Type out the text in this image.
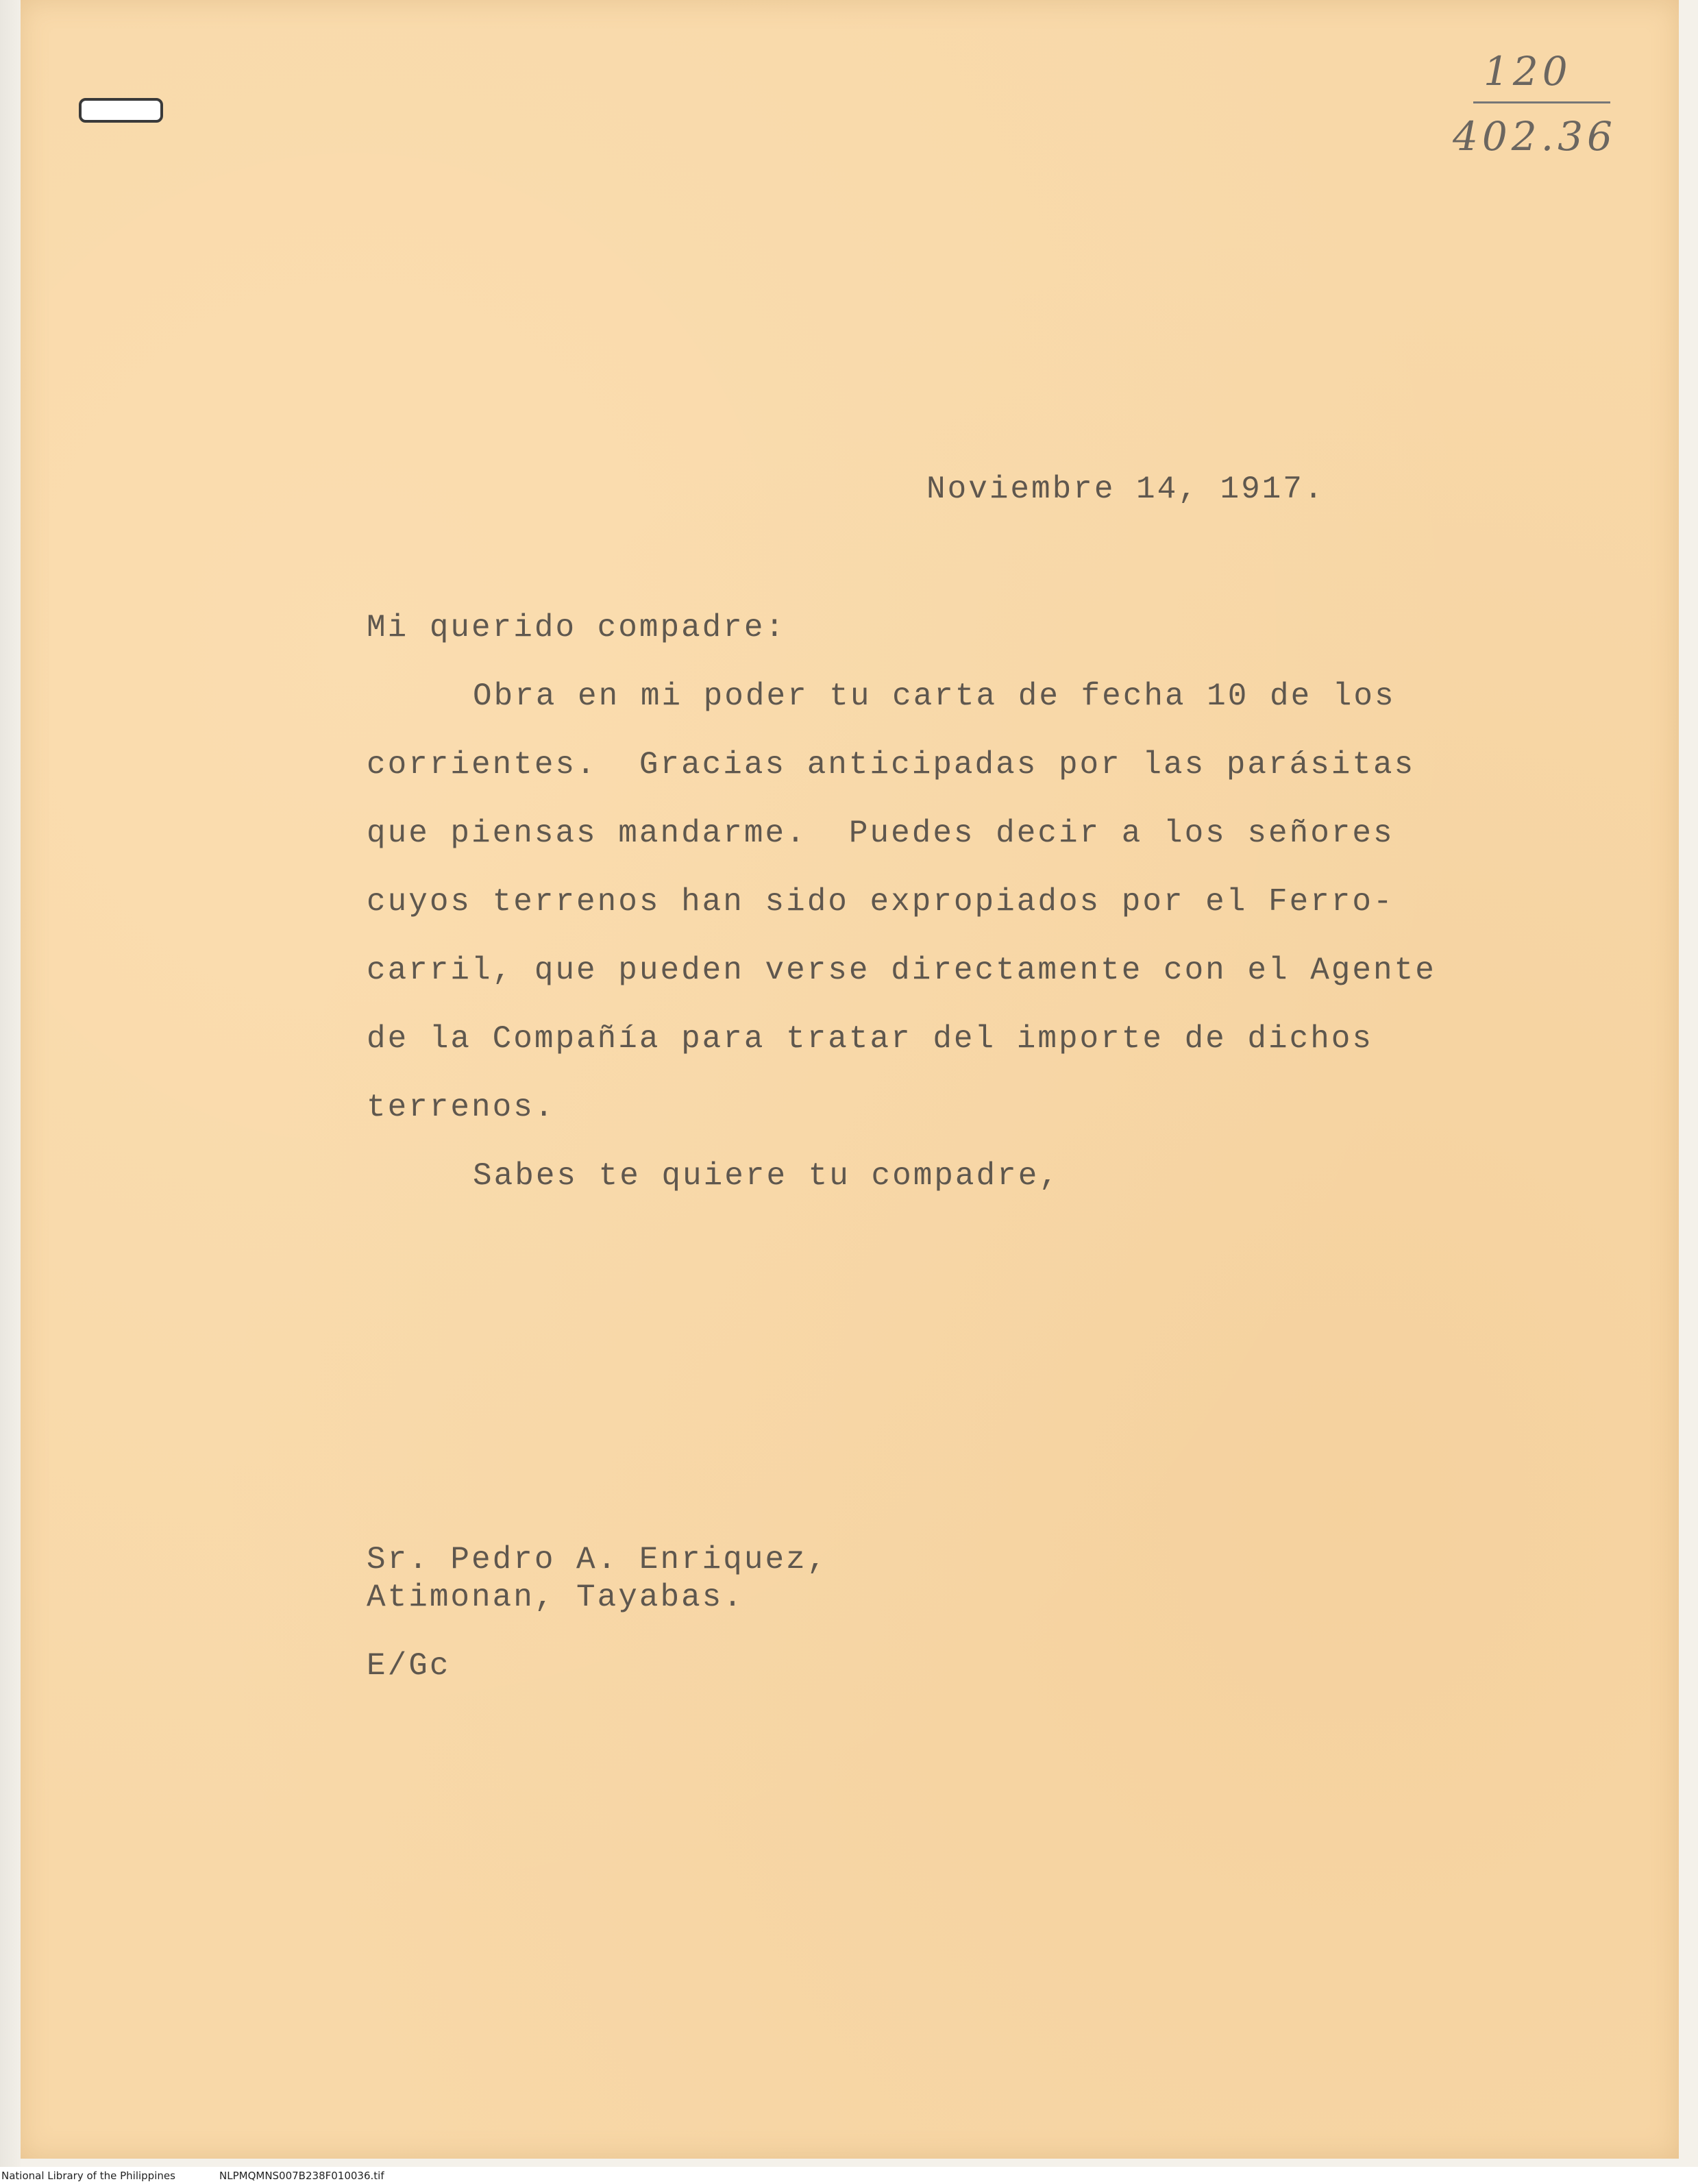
120
402.36
Noviembre 14, 1917.
Mi querido compadre:
Obra en mi poder tu carta de fecha 10 de los
corrientes.  Gracias anticipadas por las parásitas
que piensas mandarme.  Puedes decir a los señores
cuyos terrenos han sido expropiados por el Ferro-
carril, que pueden verse directamente con el Agente
de la Compañía para tratar del importe de dichos
terrenos.
Sabes te quiere tu compadre,
Sr. Pedro A. Enriquez,
Atimonan, Tayabas.
E/Gc
National Library of the Philippines	NLPMQMNS007B238F010036.tif
